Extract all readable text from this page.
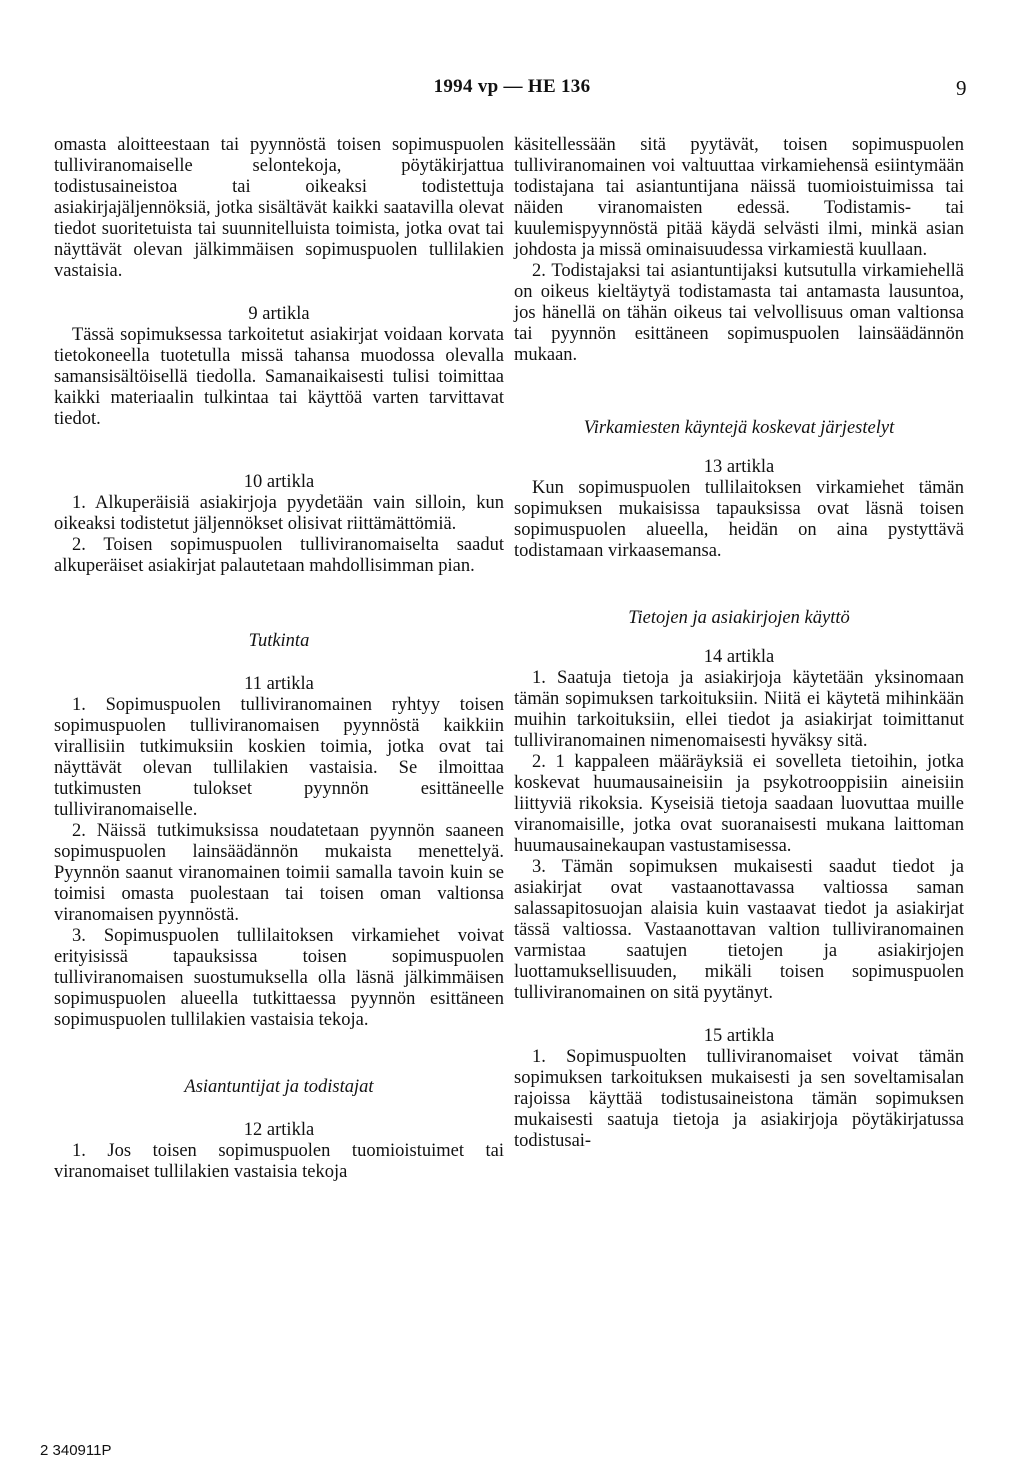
1994 vp — HE 136	9

omasta aloitteestaan tai pyynnöstä toisen sopimuspuolen tulliviranomaiselle selontekoja, pöytäkirjattua todistusaineistoa tai oikeaksi todistettuja asiakirjajäljennöksiä, jotka sisältävät kaikki saatavilla olevat tiedot suoritetuista tai suunnitelluista toimista, jotka ovat tai näyttävät olevan jälkimmäisen sopimuspuolen tullilakien vastaisia.

9 artikla

Tässä sopimuksessa tarkoitetut asiakirjat voidaan korvata tietokoneella tuotetulla missä tahansa muodossa olevalla samansisältöisellä tiedolla. Samanaikaisesti tulisi toimittaa kaikki materiaalin tulkintaa tai käyttöä varten tarvittavat tiedot.

10 artikla

1. Alkuperäisiä asiakirjoja pyydetään vain silloin, kun oikeaksi todistetut jäljennökset olisivat riittämättömiä.

2. Toisen sopimuspuolen tulliviranomaiselta saadut alkuperäiset asiakirjat palautetaan mahdollisimman pian.

Tutkinta

11 artikla

1. Sopimuspuolen tulliviranomainen ryhtyy toisen sopimuspuolen tulliviranomaisen pyynnöstä kaikkiin virallisiin tutkimuksiin koskien toimia, jotka ovat tai näyttävät olevan tullilakien vastaisia. Se ilmoittaa tutkimusten tulokset pyynnön esittäneelle tulliviranomaiselle.

2. Näissä tutkimuksissa noudatetaan pyynnön saaneen sopimuspuolen lainsäädännön mukaista menettelyä. Pyynnön saanut viranomainen toimii samalla tavoin kuin se toimisi omasta puolestaan tai toisen oman valtionsa viranomaisen pyynnöstä.

3. Sopimuspuolen tullilaitoksen virkamiehet voivat erityisissä tapauksissa toisen sopimuspuolen tulliviranomaisen suostumuksella olla läsnä jälkimmäisen sopimuspuolen alueella tutkittaessa pyynnön esittäneen sopimuspuolen tullilakien vastaisia tekoja.

Asiantuntijat ja todistajat

12 artikla

1. Jos toisen sopimuspuolen tuomioistuimet tai viranomaiset tullilakien vastaisia tekoja

käsitellessään sitä pyytävät, toisen sopimuspuolen tulliviranomainen voi valtuuttaa virkamiehensä esiintymään todistajana tai asiantuntijana näissä tuomioistuimissa tai näiden viranomaisten edessä. Todistamis- tai kuulemispyynnöstä pitää käydä selvästi ilmi, minkä asian johdosta ja missä ominaisuudessa virkamiestä kuullaan.

2. Todistajaksi tai asiantuntijaksi kutsutulla virkamiehellä on oikeus kieltäytyä todistamasta tai antamasta lausuntoa, jos hänellä on tähän oikeus tai velvollisuus oman valtionsa tai pyynnön esittäneen sopimuspuolen lainsäädännön mukaan.

Virkamiesten käyntejä koskevat järjestelyt

13 artikla

Kun sopimuspuolen tullilaitoksen virkamiehet tämän sopimuksen mukaisissa tapauksissa ovat läsnä toisen sopimuspuolen alueella, heidän on aina pystyttävä todistamaan virkaasemansa.

Tietojen ja asiakirjojen käyttö

14 artikla

1. Saatuja tietoja ja asiakirjoja käytetään yksinomaan tämän sopimuksen tarkoituksiin. Niitä ei käytetä mihinkään muihin tarkoituksiin, ellei tiedot ja asiakirjat toimittanut tulliviranomainen nimenomaisesti hyväksy sitä.

2. 1 kappaleen määräyksiä ei sovelleta tietoihin, jotka koskevat huumausaineisiin ja psykotrooppisiin aineisiin liittyviä rikoksia. Kyseisiä tietoja saadaan luovuttaa muille viranomaisille, jotka ovat suoranaisesti mukana laittoman huumausainekaupan vastustamisessa.

3. Tämän sopimuksen mukaisesti saadut tiedot ja asiakirjat ovat vastaanottavassa valtiossa saman salassapitosuojan alaisia kuin vastaavat tiedot ja asiakirjat tässä valtiossa. Vastaanottavan valtion tulliviranomainen varmistaa saatujen tietojen ja asiakirjojen luottamuksellisuuden, mikäli toisen sopimuspuolen tulliviranomainen on sitä pyytänyt.

15 artikla

1. Sopimuspuolten tulliviranomaiset voivat tämän sopimuksen tarkoituksen mukaisesti ja sen soveltamisalan rajoissa käyttää todistusaineistona tämän sopimuksen mukaisesti saatuja tietoja ja asiakirjoja pöytäkirjatussa todistusai-

2 340911P
